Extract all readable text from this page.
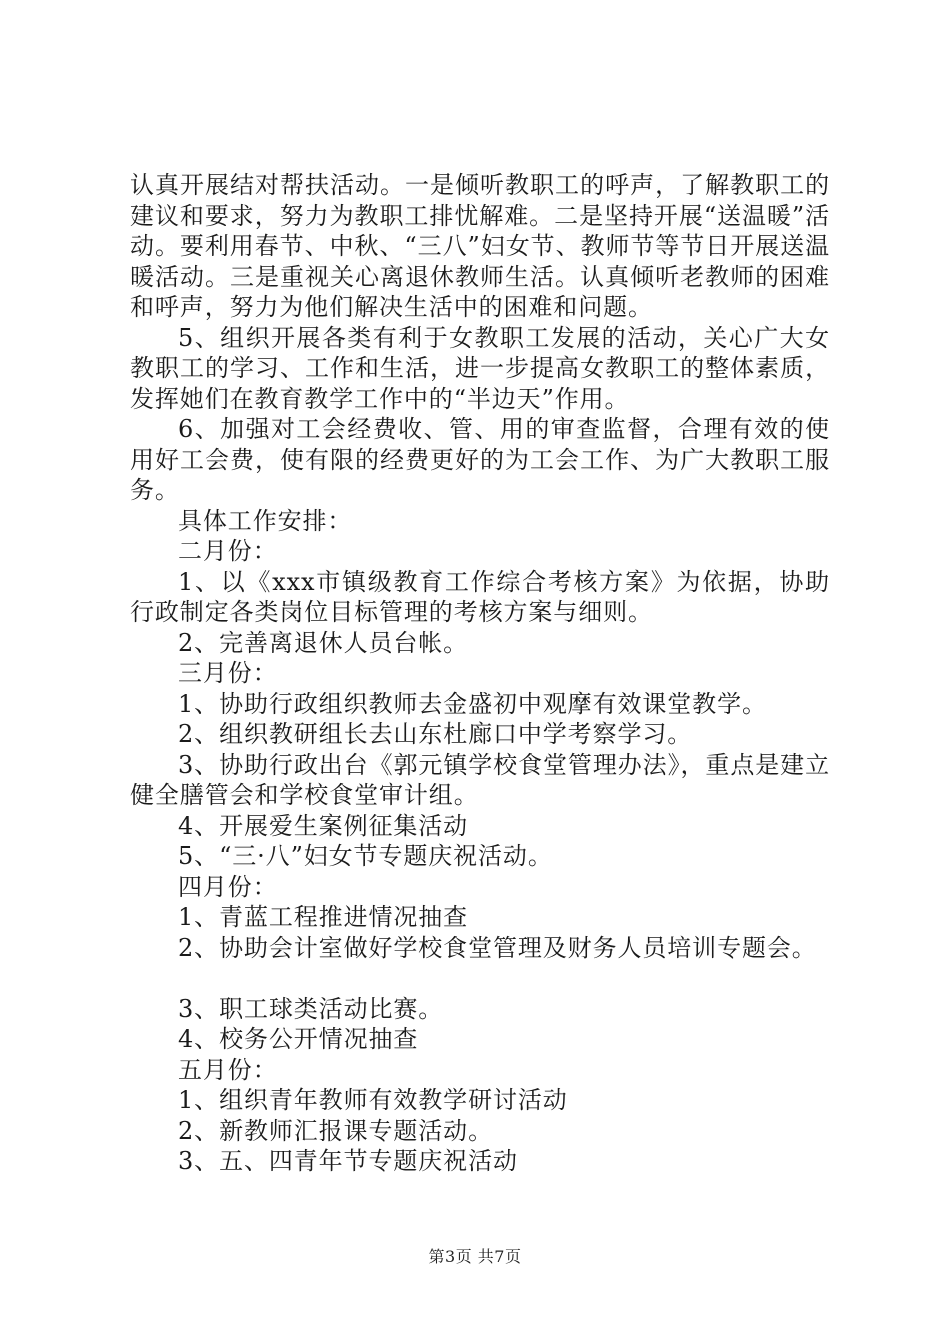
认真开展结对帮扶活动。一是倾听教职工的呼声，了解教职工的建议和要求，努力为教职工排忧解难。二是坚持开展“送温暖”活动。要利用春节、中秋、“三八”妇女节、教师节等节日开展送温暖活动。三是重视关心离退休教师生活。认真倾听老教师的困难和呼声，努力为他们解决生活中的困难和问题。

5、组织开展各类有利于女教职工发展的活动，关心广大女教职工的学习、工作和生活，进一步提高女教职工的整体素质，发挥她们在教育教学工作中的“半边天”作用。

6、加强对工会经费收、管、用的审查监督，合理有效的使用好工会费，使有限的经费更好的为工会工作、为广大教职工服务。

具体工作安排：

二月份：

1、以《xxx市镇级教育工作综合考核方案》为依据，协助行政制定各类岗位目标管理的考核方案与细则。

2、完善离退休人员台帐。

三月份：

1、协助行政组织教师去金盛初中观摩有效课堂教学。

2、组织教研组长去山东杜廊口中学考察学习。

3、协助行政出台《郭元镇学校食堂管理办法》，重点是建立健全膳管会和学校食堂审计组。

4、开展爱生案例征集活动

5、“三·八”妇女节专题庆祝活动。

四月份：

1、青蓝工程推进情况抽查

2、协助会计室做好学校食堂管理及财务人员培训专题会。

3、职工球类活动比赛。

4、校务公开情况抽查

五月份：

1、组织青年教师有效教学研讨活动

2、新教师汇报课专题活动。

3、五、四青年节专题庆祝活动

第3页 共7页
